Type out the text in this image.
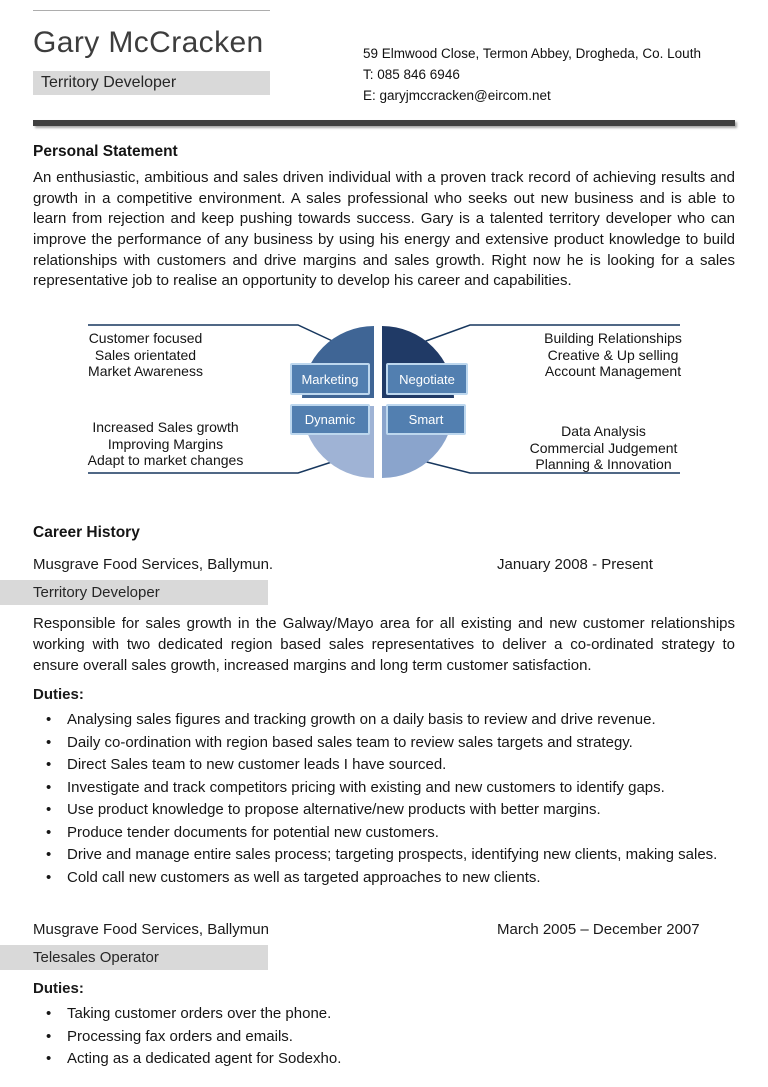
Gary McCracken
Territory Developer
59 Elmwood Close, Termon Abbey, Drogheda, Co. Louth
T: 085 846 6946
E: garyjmccracken@eircom.net
Personal Statement

An enthusiastic, ambitious and sales driven individual with a proven track record of achieving results and growth in a competitive environment. A sales professional who seeks out new business and is able to learn from rejection and keep pushing towards success. Gary is a talented territory developer who can improve the performance of any business by using his energy and extensive product knowledge to build relationships with customers and drive margins and sales growth. Right now he is looking for a sales representative job to realise an opportunity to develop his career and capabilities.

Marketing	Negotiate
Dynamic	Smart
Customer focused
Sales orientated
Market Awareness
Building Relationships
Creative & Up selling
Account Management
Increased Sales growth
Improving Margins
Adapt to market changes
Data Analysis
Commercial Judgement
Planning & Innovation
Career History
Musgrave Food Services, Ballymun.	January 2008 - Present
Territory Developer

Responsible for sales growth in the Galway/Mayo area for all existing and new customer relationships working with two dedicated region based sales representatives to deliver a co-ordinated strategy to ensure overall sales growth, increased margins and long term customer satisfaction.

Duties:
• Analysing sales figures and tracking growth on a daily basis to review and drive revenue.
• Daily co-ordination with region based sales team to review sales targets and strategy.
• Direct Sales team to new customer leads I have sourced.
• Investigate and track competitors pricing with existing and new customers to identify gaps.
• Use product knowledge to propose alternative/new products with better margins.
• Produce tender documents for potential new customers.
• Drive and manage entire sales process; targeting prospects, identifying new clients, making sales.
• Cold call new customers as well as targeted approaches to new clients.
Musgrave Food Services, Ballymun	March 2005 – December 2007
Telesales Operator
Duties:
• Taking customer orders over the phone.
• Processing fax orders and emails.
• Acting as a dedicated agent for Sodexho.
